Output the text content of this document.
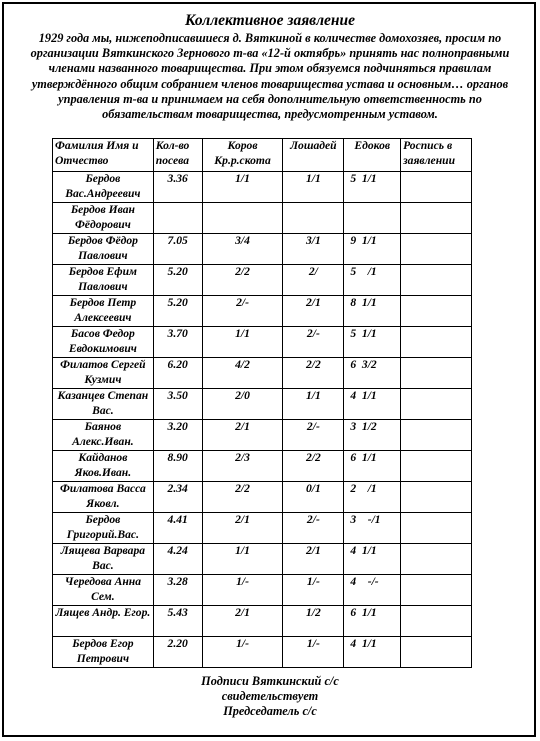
Коллективное заявление
1929 года мы, нижеподписавшиеся д. Вяткиной в количестве домохозяев, просим по
организации Вяткинского Зернового т-ва «12-й октябрь» принять нас полноправными
членами названного товарищества. При этом обязуемся подчиняться правилам
утверждённого общим собранием членов товарищества устава и основным… органов
управления т-ва и принимаем на себя дополнительную ответственность по
обязательствам товарищества, предусмотренным уставом.
Фамилия Имя и Отчество	Кол-во посева	Коров Кр.р.скота	Лошадей	Едоков	Роспись в заявлении
Бердов Вас.Андреевич	3.36	1/1	1/1	5  1/1	
Бердов Иван Фёдорович					
Бердов Фёдор Павлович	7.05	3/4	3/1	9  1/1	
Бердов Ефим Павлович	5.20	2/2	2/	5    /1	
Бердов Петр Алексеевич	5.20	2/-	2/1	8  1/1	
Басов Федор Евдокимович	3.70	1/1	2/-	5  1/1	
Филатов Сергей Кузмич	6.20	4/2	2/2	6  3/2	
Казанцев Степан Вас.	3.50	2/0	1/1	4  1/1	
Баянов Алекс.Иван.	3.20	2/1	2/-	3  1/2	
Кайданов Яков.Иван.	8.90	2/3	2/2	6  1/1	
Филатова Васса Яковл.	2.34	2/2	0/1	2    /1	
Бердов Григорий.Вас.	4.41	2/1	2/-	3    -/1	
Лящева Варвара Вас.	4.24	1/1	2/1	4  1/1	
Чередова Анна Сем.	3.28	1/-	1/-	4    -/-	
Лящев Андр. Егор.	5.43	2/1	1/2	6  1/1	
Бердов Егор Петрович	2.20	1/-	1/-	4  1/1	
Подписи Вяткинский с/с
свидетельствует
Председатель с/с
